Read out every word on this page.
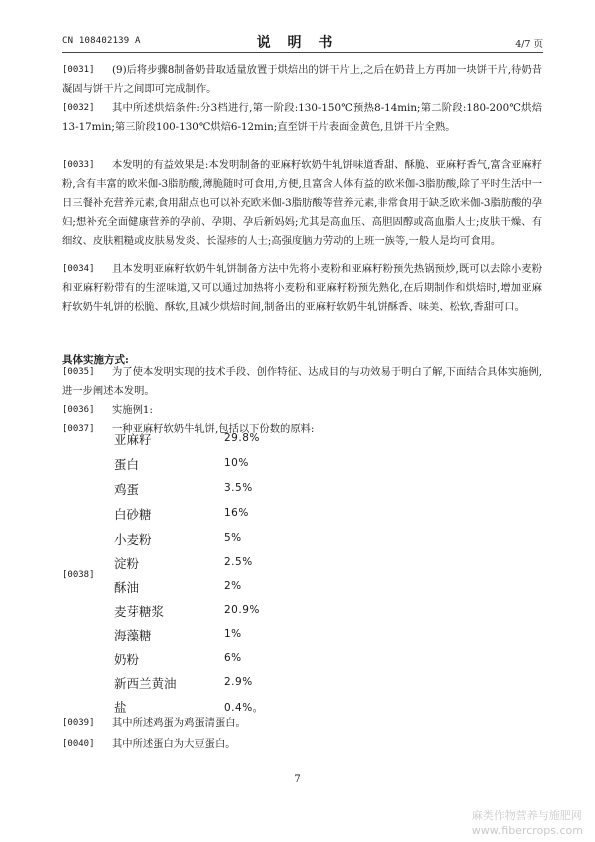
CN 108402139 A	说 明 书	4/7 页
[0031]	(9)后将步骤8制备奶昔取适量放置于烘焙出的饼干片上,之后在奶昔上方再加一块饼干片,待奶昔凝固与饼干片之间即可完成制作。
[0032]	其中所述烘焙条件:分3档进行,第一阶段:130-150℃预热8-14min;第二阶段:180-200℃烘焙13-17min;第三阶段100-130℃烘焙6-12min;直至饼干片表面金黄色,且饼干片全熟。
[0033]	本发明的有益效果是:本发明制备的亚麻籽软奶牛轧饼味道香甜、酥脆、亚麻籽香气,富含亚麻籽粉,含有丰富的欧米伽-3脂肪酸,薄脆随时可食用,方便,且富含人体有益的欧米伽-3脂肪酸,除了平时生活中一日三餐补充营养元素,食用甜点也可以补充欧米伽-3脂肪酸等营养元素,非常食用于缺乏欧米伽-3脂肪酸的孕妇;想补充全面健康营养的孕前、孕期、孕后新妈妈;尤其是高血压、高胆固醇或高血脂人士;皮肤干燥、有细纹、皮肤粗糙或皮肤易发炎、长湿疹的人士;高强度脑力劳动的上班一族等,一般人是均可食用。
[0034]	且本发明亚麻籽软奶牛轧饼制备方法中先将小麦粉和亚麻籽粉预先热锅预炒,既可以去除小麦粉和亚麻籽粉带有的生涩味道,又可以通过加热将小麦粉和亚麻籽粉预先熟化,在后期制作和烘焙时,增加亚麻籽软奶牛轧饼的松脆、酥软,且减少烘焙时间,制备出的亚麻籽软奶牛轧饼酥香、味美、松软,香甜可口。
具体实施方式:
[0035]	为了使本发明实现的技术手段、创作特征、达成目的与功效易于明白了解,下面结合具体实施例,进一步阐述本发明。
[0036]	实施例1:
[0037]	一种亚麻籽软奶牛轧饼,包括以下份数的原料:
[0038]
亚麻籽	29.8%
蛋白	10%
鸡蛋	3.5%
白砂糖	16%
小麦粉	5%
淀粉	2.5%
酥油	2%
麦芽糖浆	20.9%
海藻糖	1%
奶粉	6%
新西兰黄油	2.9%
盐	0.4%。
[0039]	其中所述鸡蛋为鸡蛋清蛋白。
[0040]	其中所述蛋白为大豆蛋白。
7
麻类作物营养与施肥网
www.fibercrops.com
